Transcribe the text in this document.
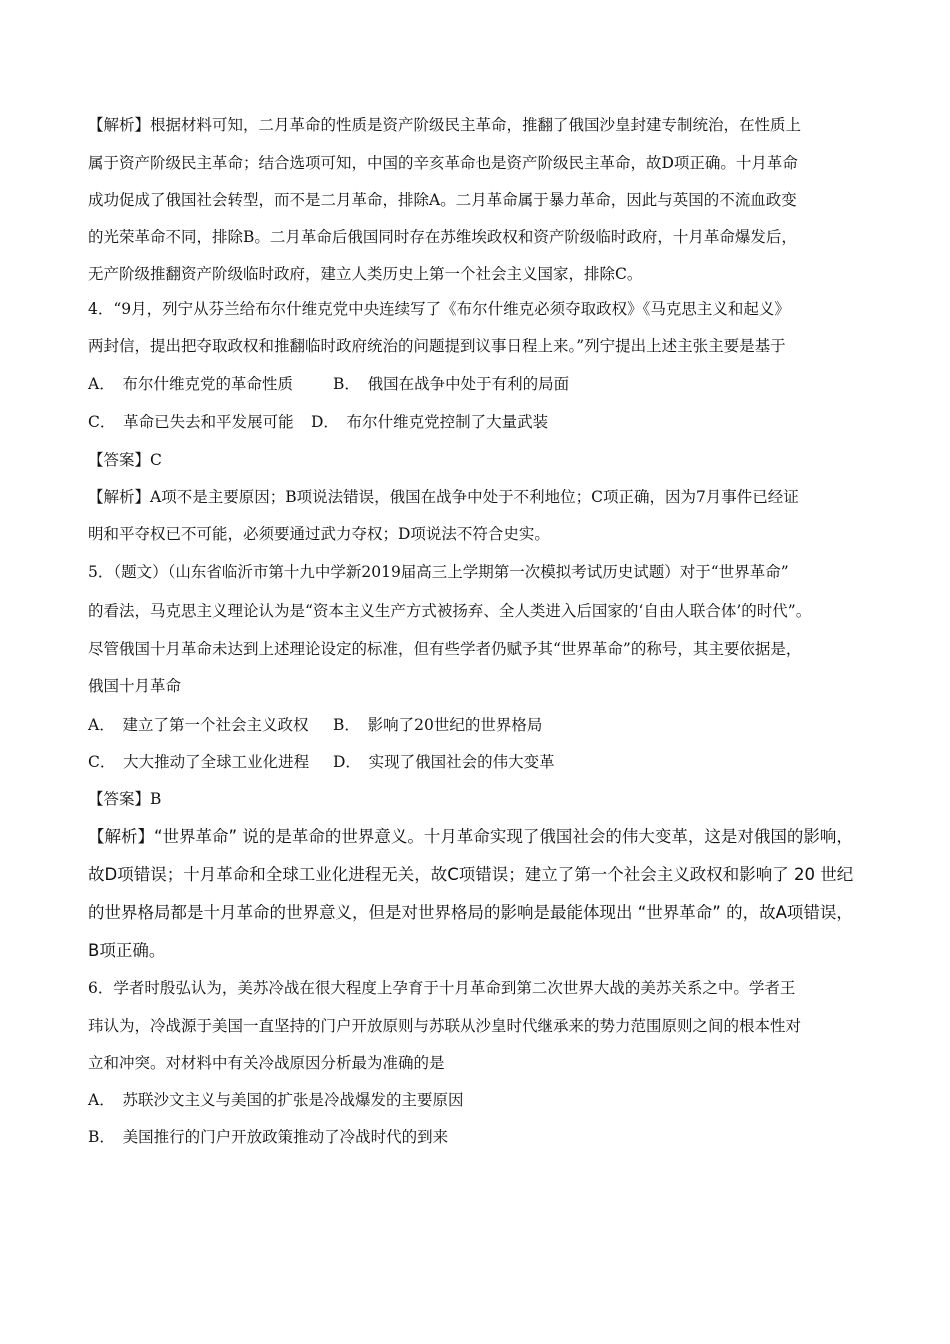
【解析】根据材料可知，二月革命的性质是资产阶级民主革命，推翻了俄国沙皇封建专制统治，在性质上
属于资产阶级民主革命；结合选项可知，中国的辛亥革命也是资产阶级民主革命，故D项正确。十月革命
成功促成了俄国社会转型，而不是二月革命，排除A。二月革命属于暴力革命，因此与英国的不流血政变
的光荣革命不同，排除B。二月革命后俄国同时存在苏维埃政权和资产阶级临时政府，十月革命爆发后，
无产阶级推翻资产阶级临时政府，建立人类历史上第一个社会主义国家，排除C。
4．“9月，列宁从芬兰给布尔什维克党中央连续写了《布尔什维克必须夺取政权》《马克思主义和起义》
两封信，提出把夺取政权和推翻临时政府统治的问题提到议事日程上来。”列宁提出上述主张主要是基于
A．　布尔什维克党的革命性质	B．　俄国在战争中处于有利的局面
C．　革命已失去和平发展可能 D．　布尔什维克党控制了大量武装
【答案】C
【解析】A项不是主要原因；B项说法错误，俄国在战争中处于不利地位；C项正确，因为7月事件已经证
明和平夺权已不可能，必须要通过武力夺权；D项说法不符合史实。
5．（题文）（山东省临沂市第十九中学新2019届高三上学期第一次模拟考试历史试题）对于“世界革命”
的看法，马克思主义理论认为是“资本主义生产方式被扬弃、全人类进入后国家的‘自由人联合体’的时代”。
尽管俄国十月革命未达到上述理论设定的标准，但有些学者仍赋予其“世界革命”的称号，其主要依据是，
俄国十月革命
A．　建立了第一个社会主义政权 B．　影响了20世纪的世界格局
C．　大大推动了全球工业化进程 D．　实现了俄国社会的伟大变革
【答案】B
【解析】“世界革命” 说的是革命的世界意义。十月革命实现了俄国社会的伟大变革，这是对俄国的影响，
故D项错误；十月革命和全球工业化进程无关，故C项错误；建立了第一个社会主义政权和影响了 20 世纪
的世界格局都是十月革命的世界意义，但是对世界格局的影响是最能体现出 “世界革命” 的，故A项错误，
B项正确。
6．学者时殷弘认为，美苏冷战在很大程度上孕育于十月革命到第二次世界大战的美苏关系之中。学者王
玮认为，冷战源于美国一直坚持的门户开放原则与苏联从沙皇时代继承来的势力范围原则之间的根本性对
立和冲突。对材料中有关冷战原因分析最为准确的是
A．　苏联沙文主义与美国的扩张是冷战爆发的主要原因
B．　美国推行的门户开放政策推动了冷战时代的到来
